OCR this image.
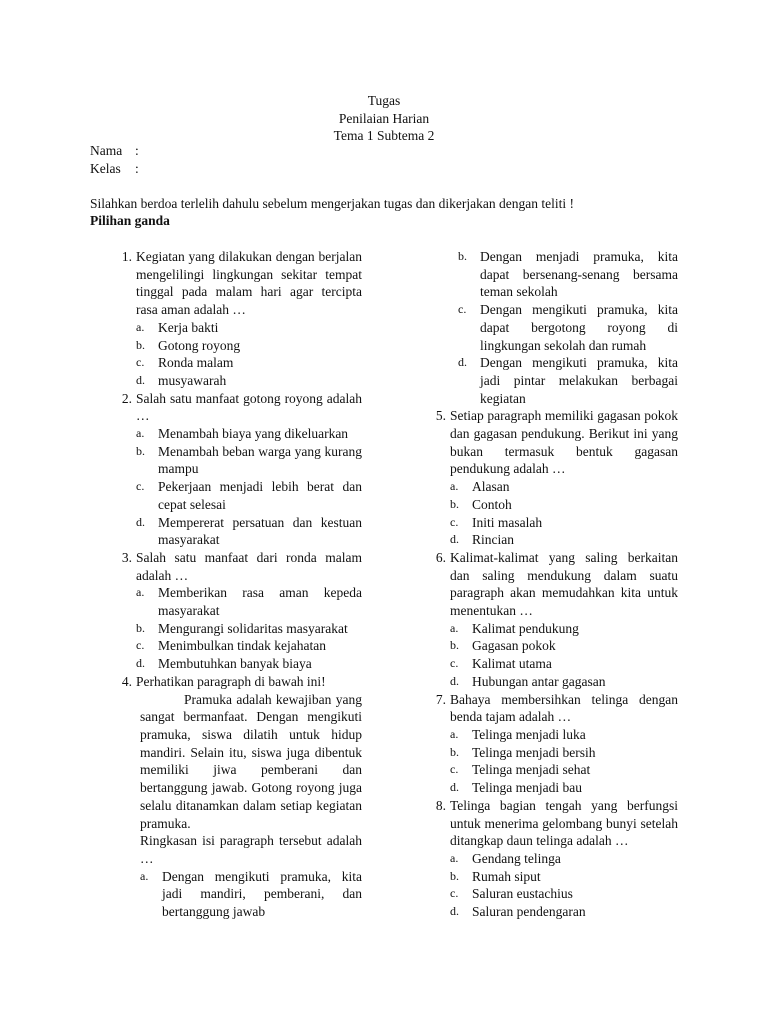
Tugas
Penilaian Harian
Tema 1 Subtema 2
Nama :
Kelas	:
Silahkan berdoa terlelih dahulu sebelum mengerjakan tugas dan dikerjakan dengan teliti !
Pilihan ganda
1. Kegiatan yang dilakukan dengan berjalan mengelilingi lingkungan sekitar tempat tinggal pada malam hari agar tercipta rasa aman adalah …
a. Kerja bakti
b. Gotong royong
c. Ronda malam
d. musyawarah
2. Salah satu manfaat gotong royong adalah …
a. Menambah biaya yang dikeluarkan
b. Menambah beban warga yang kurang mampu
c. Pekerjaan menjadi lebih berat dan cepat selesai
d. Mempererat persatuan dan kestuan masyarakat
3. Salah satu manfaat dari ronda malam adalah …
a. Memberikan rasa aman kepeda masyarakat
b. Mengurangi solidaritas masyarakat
c. Menimbulkan tindak kejahatan
d. Membutuhkan banyak biaya
4. Perhatikan paragraph di bawah ini!
Pramuka adalah kewajiban yang sangat bermanfaat. Dengan mengikuti pramuka, siswa dilatih untuk hidup mandiri. Selain itu, siswa juga dibentuk memiliki jiwa pemberani dan bertanggung jawab. Gotong royong juga selalu ditanamkan dalam setiap kegiatan pramuka.
Ringkasan isi paragraph tersebut adalah …
a. Dengan mengikuti pramuka, kita jadi mandiri, pemberani, dan bertanggung jawab
b. Dengan menjadi pramuka, kita dapat bersenang-senang bersama teman sekolah
c. Dengan mengikuti pramuka, kita dapat bergotong royong di lingkungan sekolah dan rumah
d. Dengan mengikuti pramuka, kita jadi pintar melakukan berbagai kegiatan
5. Setiap paragraph memiliki gagasan pokok dan gagasan pendukung. Berikut ini yang bukan termasuk bentuk gagasan pendukung adalah …
a. Alasan
b. Contoh
c. Initi masalah
d. Rincian
6. Kalimat-kalimat yang saling berkaitan dan saling mendukung dalam suatu paragraph akan memudahkan kita untuk menentukan …
a. Kalimat pendukung
b. Gagasan pokok
c. Kalimat utama
d. Hubungan antar gagasan
7. Bahaya membersihkan telinga dengan benda tajam adalah …
a. Telinga menjadi luka
b. Telinga menjadi bersih
c. Telinga menjadi sehat
d. Telinga menjadi bau
8. Telinga bagian tengah yang berfungsi untuk menerima gelombang bunyi setelah ditangkap daun telinga adalah …
a. Gendang telinga
b. Rumah siput
c. Saluran eustachius
d. Saluran pendengaran
